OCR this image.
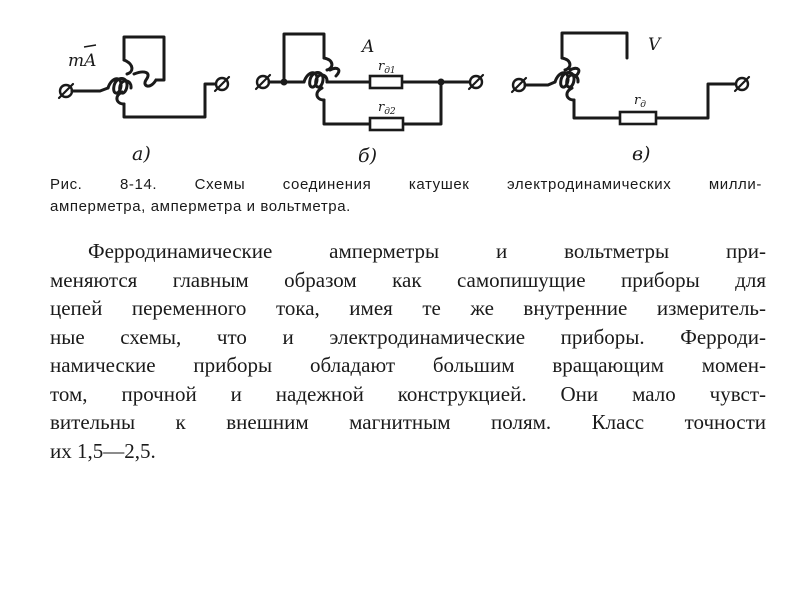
mA
а)
A
$r_{д1}$
$r_{д2}$
б)
V
$r_д$
в)

Рис. 8-14. Схемы соединения катушек электродинамических милли-
амперметра, амперметра и вольтметра.

Ферродинамические амперметры и вольтметры при-
меняются главным образом как самопишущие приборы для
цепей переменного тока, имея те же внутренние измеритель-
ные схемы, что и электродинамические приборы. Ферроди-
намические приборы обладают большим вращающим момен-
том, прочной и надежной конструкцией. Они мало чувст-
вительны к внешним магнитным полям. Класс точности
их 1,5—2,5.
